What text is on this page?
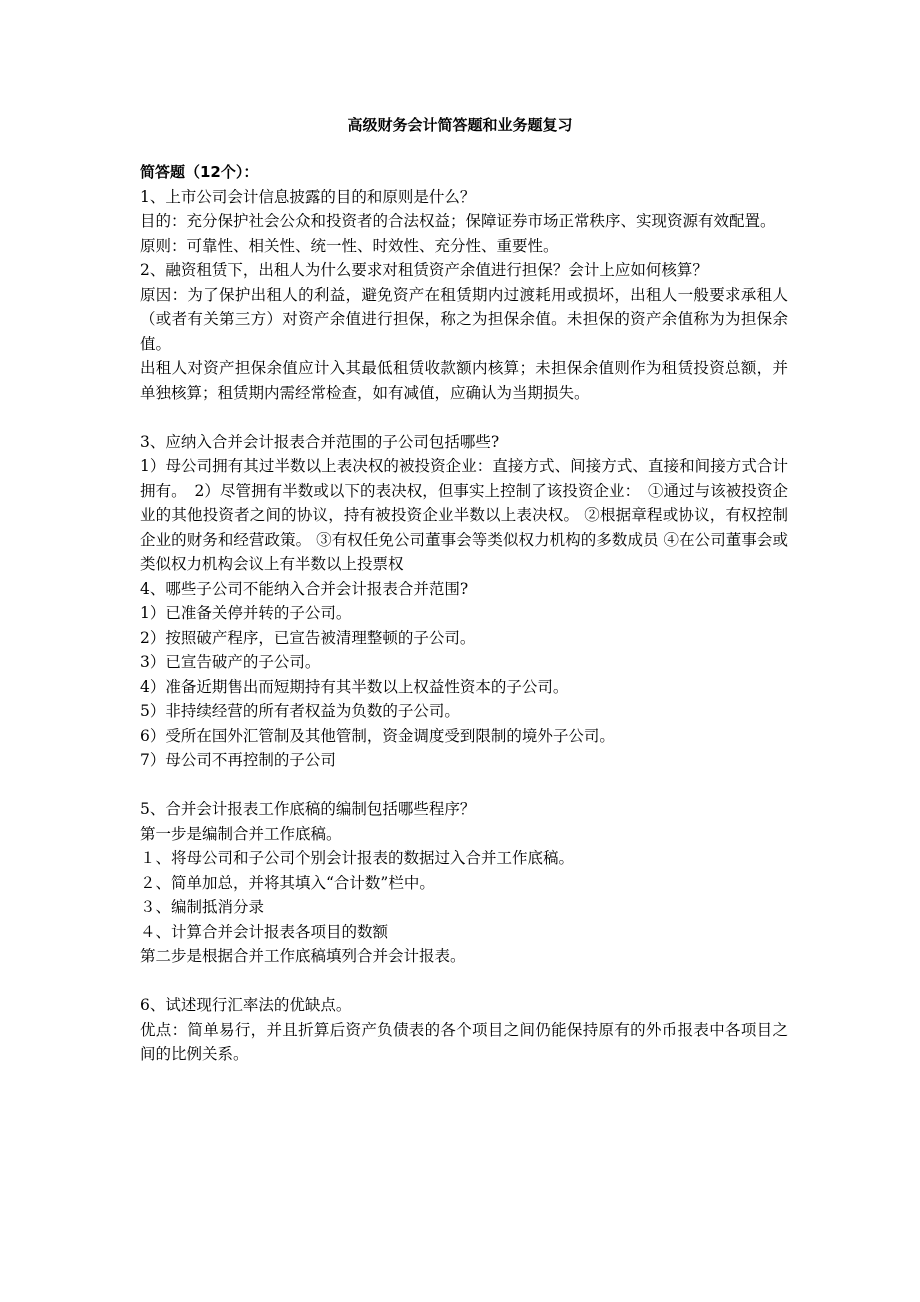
高级财务会计简答题和业务题复习

简答题（12个）：

1、上市公司会计信息披露的目的和原则是什么？

目的：充分保护社会公众和投资者的合法权益；保障证券市场正常秩序、实现资源有效配置。

原则：可靠性、相关性、统一性、时效性、充分性、重要性。

2、融资租赁下，出租人为什么要求对租赁资产余值进行担保？会计上应如何核算？

原因：为了保护出租人的利益，避免资产在租赁期内过渡耗用或损坏，出租人一般要求承租人（或者有关第三方）对资产余值进行担保，称之为担保余值。未担保的资产余值称为为担保余值。

出租人对资产担保余值应计入其最低租赁收款额内核算；未担保余值则作为租赁投资总额，并单独核算；租赁期内需经常检查，如有减值，应确认为当期损失。

3、应纳入合并会计报表合并范围的子公司包括哪些?

1）母公司拥有其过半数以上表决权的被投资企业：直接方式、间接方式、直接和间接方式合计拥有。　2）尽管拥有半数或以下的表决权，但事实上控制了该投资企业：　①通过与该被投资企业的其他投资者之间的协议，持有被投资企业半数以上表决权。 ②根据章程或协议，有权控制企业的财务和经营政策。 ③有权任免公司董事会等类似权力机构的多数成员 ④在公司董事会或类似权力机构会议上有半数以上投票权

4、哪些子公司不能纳入合并会计报表合并范围?

1）已准备关停并转的子公司。

2）按照破产程序，已宣告被清理整顿的子公司。

3）已宣告破产的子公司。

4）准备近期售出而短期持有其半数以上权益性资本的子公司。

5）非持续经营的所有者权益为负数的子公司。

6）受所在国外汇管制及其他管制，资金调度受到限制的境外子公司。

7）母公司不再控制的子公司

5、合并会计报表工作底稿的编制包括哪些程序？

第一步是编制合并工作底稿。

１、将母公司和子公司个别会计报表的数据过入合并工作底稿。

２、简单加总，并将其填入“合计数”栏中。

３、编制抵消分录

４、计算合并会计报表各项目的数额

第二步是根据合并工作底稿填列合并会计报表。

6、试述现行汇率法的优缺点。

优点：简单易行，并且折算后资产负债表的各个项目之间仍能保持原有的外币报表中各项目之间的比例关系。
